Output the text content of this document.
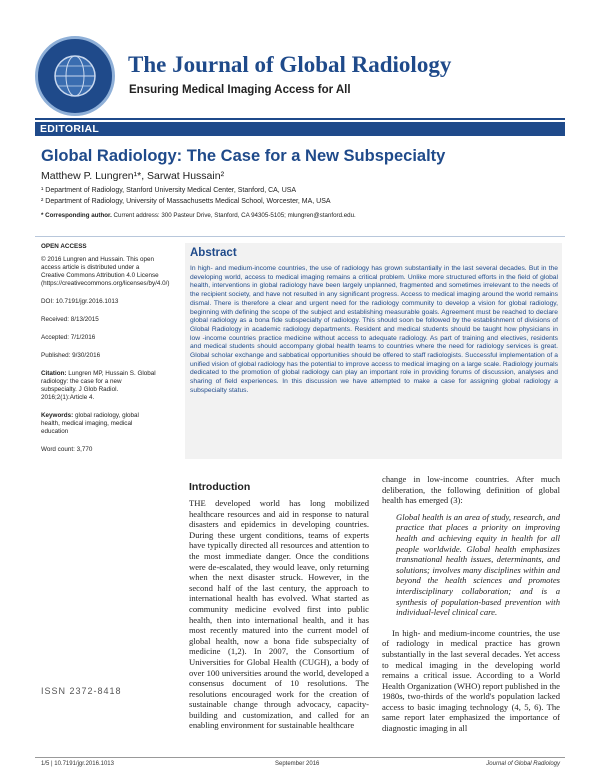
The Journal of Global Radiology
Ensuring Medical Imaging Access for All
EDITORIAL
Global Radiology: The Case for a New Subspecialty
Matthew P. Lungren¹*, Sarwat Hussain²
¹ Department of Radiology, Stanford University Medical Center, Stanford, CA, USA
² Department of Radiology, University of Massachusetts Medical School, Worcester, MA, USA
* Corresponding author. Current address: 300 Pasteur Drive, Stanford, CA 94305-5105; mlungren@stanford.edu.
OPEN ACCESS
© 2016 Lungren and Hussain. This open access article is distributed under a Creative Commons Attribution 4.0 License (https://creativecommons.org/licenses/by/4.0/)
DOI: 10.7191/jgr.2016.1013
Received: 8/13/2015
Accepted: 7/1/2016
Published: 9/30/2016
Citation: Lungren MP, Hussain S. Global radiology: the case for a new subspecialty. J Glob Radiol. 2016;2(1):Article 4.
Keywords: global radiology, global health, medical imaging, medical education
Word count: 3,770
ISSN 2372-8418
Abstract
In high- and medium-income countries, the use of radiology has grown substantially in the last several decades. But in the developing world, access to medical imaging remains a critical problem. Unlike more structured efforts in the field of global health, interventions in global radiology have been largely unplanned, fragmented and sometimes irrelevant to the needs of the recipient society, and have not resulted in any significant progress. Access to medical imaging around the world remains dismal. There is therefore a clear and urgent need for the radiology community to develop a vision for global radiology, beginning with defining the scope of the subject and establishing measurable goals. Agreement must be reached to declare global radiology as a bona fide subspecialty of radiology. This should soon be followed by the establishment of divisions of Global Radiology in academic radiology departments. Resident and medical students should be taught how physicians in low -income countries practice medicine without access to adequate radiology. As part of training and electives, residents and medical students should accompany global health teams to countries where the need for radiology services is great. Global scholar exchange and sabbatical opportunities should be offered to staff radiologists. Successful implementation of a unified vision of global radiology has the potential to improve access to medical imaging on a large scale. Radiology journals dedicated to the promotion of global radiology can play an important role in providing forums of discussion, analyses and sharing of field experiences. In this discussion we have attempted to make a case for assigning global radiology a subspecialty status.
Introduction
THE developed world has long mobilized healthcare resources and aid in response to natural disasters and epidemics in developing countries. During these urgent conditions, teams of experts have typically directed all resources and attention to the most immediate danger. Once the conditions were de-escalated, they would leave, only returning when the next disaster struck. However, in the second half of the last century, the approach to international health has evolved. What started as community medicine evolved first into public health, then into international health, and it has most recently matured into the current model of global health, now a bona fide subspecialty of medicine (1,2). In 2007, the Consortium of Universities for Global Health (CUGH), a body of over 100 universities around the world, developed a consensus document of 10 resolutions. The resolutions encouraged work for the creation of sustainable change through advocacy, capacity-building and customization, and called for an enabling environment for sustainable healthcare
change in low-income countries. After much deliberation, the following definition of global health has emerged (3):
Global health is an area of study, research, and practice that places a priority on improving health and achieving equity in health for all people worldwide. Global health emphasizes transnational health issues, determinants, and solutions; involves many disciplines within and beyond the health sciences and promotes interdisciplinary collaboration; and is a synthesis of population-based prevention with individual-level clinical care.
In high- and medium-income countries, the use of radiology in medical practice has grown substantially in the last several decades. Yet access to medical imaging in the developing world remains a critical issue. According to a World Health Organization (WHO) report published in the 1980s, two-thirds of the world's population lacked access to basic imaging technology (4, 5, 6). The same report later emphasized the importance of diagnostic imaging in all
1/5 | 10.7191/jgr.2016.1013	September 2016	Journal of Global Radiology
